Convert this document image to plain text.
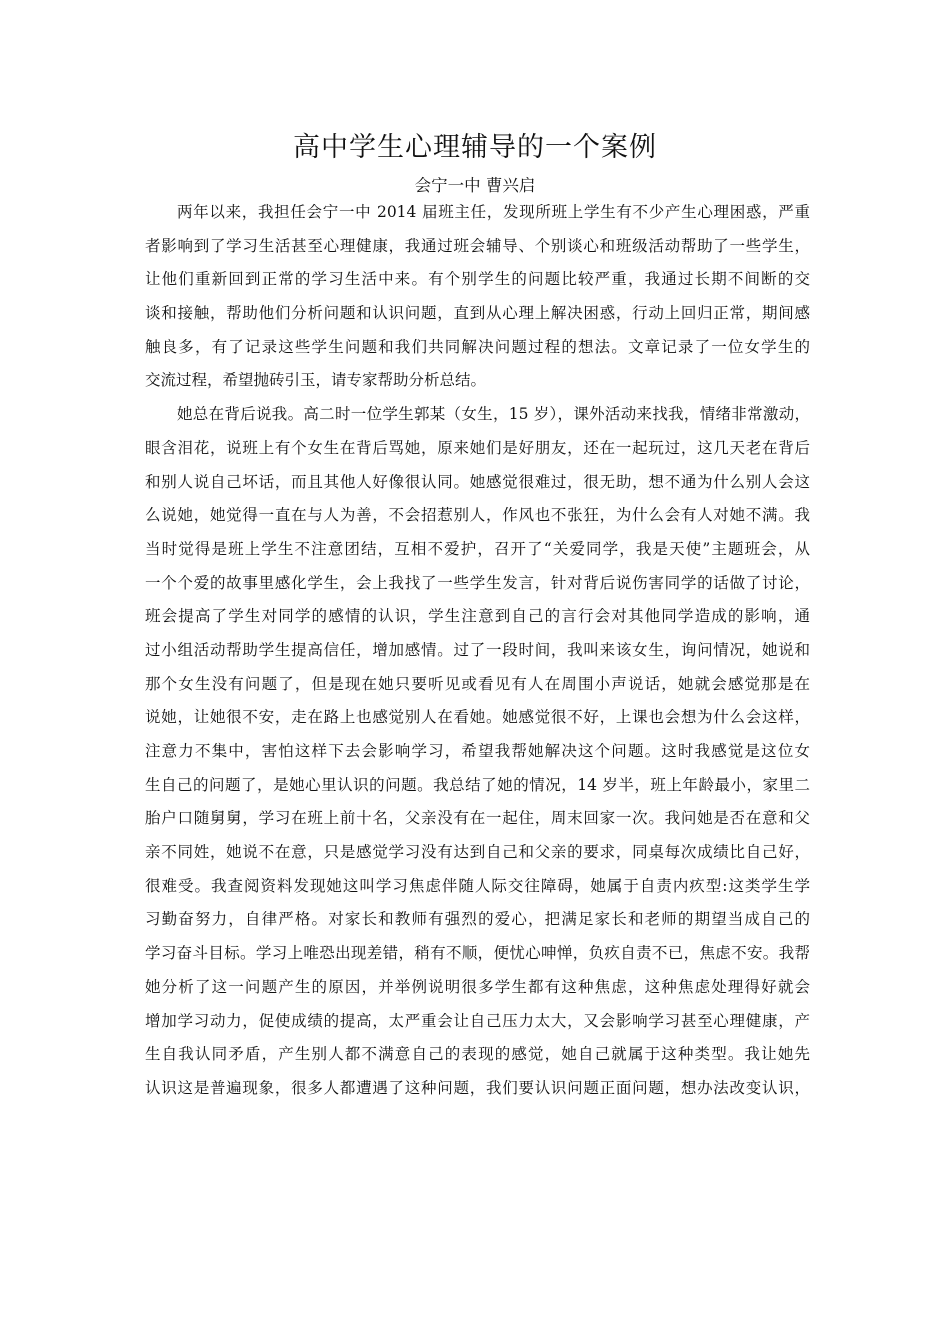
高中学生心理辅导的一个案例
会宁一中 曹兴启
两年以来，我担任会宁一中 2014 届班主任，发现所班上学生有不少产生心理困惑，严重
者影响到了学习生活甚至心理健康，我通过班会辅导、个别谈心和班级活动帮助了一些学生，
让他们重新回到正常的学习生活中来。有个别学生的问题比较严重，我通过长期不间断的交
谈和接触，帮助他们分析问题和认识问题，直到从心理上解决困惑，行动上回归正常，期间感
触良多，有了记录这些学生问题和我们共同解决问题过程的想法。文章记录了一位女学生的
交流过程，希望抛砖引玉，请专家帮助分析总结。
她总在背后说我。高二时一位学生郭某（女生，15 岁），课外活动来找我，情绪非常激动，
眼含泪花，说班上有个女生在背后骂她，原来她们是好朋友，还在一起玩过，这几天老在背后
和别人说自己坏话，而且其他人好像很认同。她感觉很难过，很无助，想不通为什么别人会这
么说她，她觉得一直在与人为善，不会招惹别人，作风也不张狂，为什么会有人对她不满。我
当时觉得是班上学生不注意团结，互相不爱护，召开了“关爱同学，我是天使”主题班会，从
一个个爱的故事里感化学生，会上我找了一些学生发言，针对背后说伤害同学的话做了讨论，
班会提高了学生对同学的感情的认识，学生注意到自己的言行会对其他同学造成的影响，通
过小组活动帮助学生提高信任，增加感情。过了一段时间，我叫来该女生，询问情况，她说和
那个女生没有问题了，但是现在她只要听见或看见有人在周围小声说话，她就会感觉那是在
说她，让她很不安，走在路上也感觉别人在看她。她感觉很不好，上课也会想为什么会这样，
注意力不集中，害怕这样下去会影响学习，希望我帮她解决这个问题。这时我感觉是这位女
生自己的问题了，是她心里认识的问题。我总结了她的情况，14 岁半，班上年龄最小，家里二
胎户口随舅舅，学习在班上前十名，父亲没有在一起住，周末回家一次。我问她是否在意和父
亲不同姓，她说不在意，只是感觉学习没有达到自己和父亲的要求，同桌每次成绩比自己好，
很难受。我查阅资料发现她这叫学习焦虑伴随人际交往障碍，她属于自责内疚型:这类学生学
习勤奋努力，自律严格。对家长和教师有强烈的爱心，把满足家长和老师的期望当成自己的
学习奋斗目标。学习上唯恐出现差错，稍有不顺，便忧心呻惮，负疚自责不已，焦虑不安。我帮
她分析了这一问题产生的原因，并举例说明很多学生都有这种焦虑，这种焦虑处理得好就会
增加学习动力，促使成绩的提高，太严重会让自己压力太大，又会影响学习甚至心理健康，产
生自我认同矛盾，产生别人都不满意自己的表现的感觉，她自己就属于这种类型。我让她先
认识这是普遍现象，很多人都遭遇了这种问题，我们要认识问题正面问题，想办法改变认识，
